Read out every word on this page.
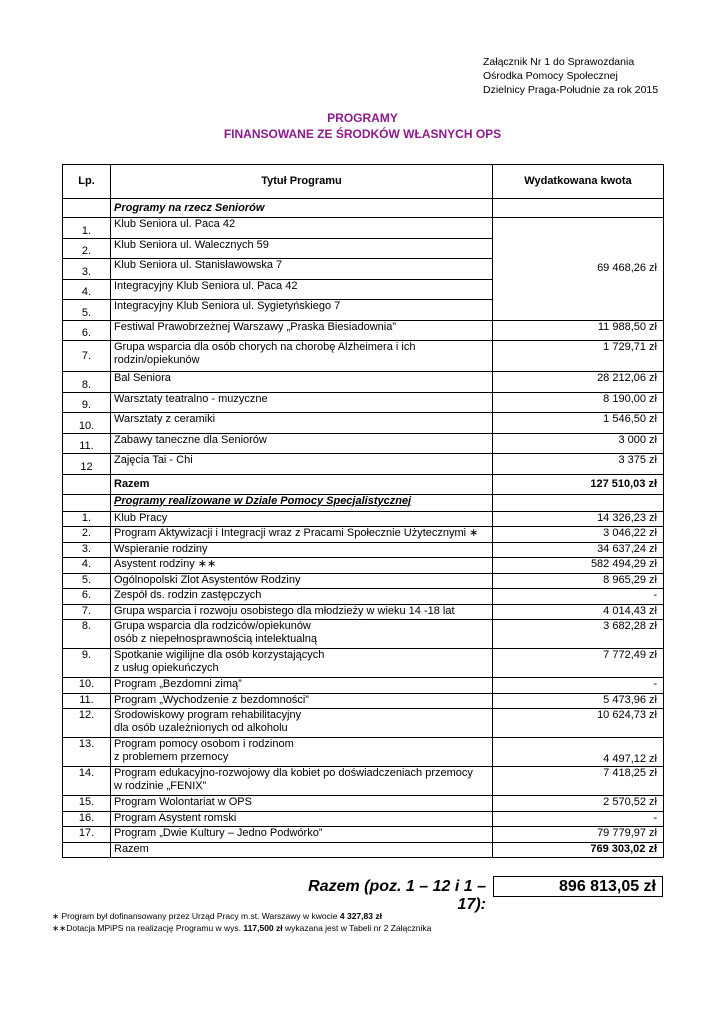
Załącznik Nr 1 do Sprawozdania
Ośrodka Pomocy Społecznej
Dzielnicy Praga-Południe za rok 2015
PROGRAMY
FINANSOWANE ZE ŚRODKÓW WŁASNYCH OPS
Lp.	Tytuł Programu	Wydatkowana kwota
	Programy na rzecz Seniorów	
1.	Klub Seniora ul. Paca 42	69 468,26 zł
2.	Klub Seniora ul. Walecznych 59	
3.	Klub Seniora ul. Stanisławowska 7	
4.	Integracyjny Klub Seniora ul. Paca 42	
5.	Integracyjny Klub Seniora ul. Sygietyńskiego 7	
6.	Festiwal Prawobrzeżnej Warszawy „Praska Biesiadownia”	11 988,50 zł
7.	Grupa wsparcia dla osób chorych na chorobę Alzheimera i ich rodzin/opiekunów	1 729,71 zł
8.	Bal Seniora	28 212,06 zł
9.	Warsztaty teatralno - muzyczne	8 190,00 zł
10.	Warsztaty z ceramiki	1 546,50 zł
11.	Zabawy taneczne dla Seniorów	3 000 zł
12	Zajęcia Tai - Chi	3 375 zł
	Razem	127 510,03 zł
	Programy realizowane w Dziale Pomocy Specjalistycznej	
1.	Klub Pracy	14 326,23 zł
2.	Program Aktywizacji i Integracji wraz z Pracami Społecznie Użytecznymi ∗	3 046,22 zł
3.	Wspieranie rodziny	34 637,24 zł
4.	Asystent rodziny ∗∗	582 494,29 zł
5.	Ogólnopolski Zlot Asystentów Rodziny	8 965,29 zł
6.	Zespół ds. rodzin zastępczych	-
7.	Grupa wsparcia i rozwoju osobistego dla młodzieży w wieku 14 -18 lat	4 014,43 zł
8.	Grupa wsparcia dla rodziców/opiekunów
osób z niepełnosprawnością intelektualną	3 682,28 zł
9.	Spotkanie wigilijne dla osób korzystających
z usług opiekuńczych	7 772,49 zł
10.	Program „Bezdomni zimą”	-
11.	Program „Wychodzenie z bezdomności”	5 473,96 zł
12.	Środowiskowy program rehabilitacyjny
dla osób uzależnionych od alkoholu	10 624,73 zł
13.	Program pomocy osobom i rodzinom
z problemem przemocy	4 497,12 zł
14.	Program edukacyjno-rozwojowy dla kobiet po doświadczeniach przemocy
w rodzinie „FENIX”	7 418,25 zł
15.	Program Wolontariat w OPS	2 570,52 zł
16.	Program Asystent romski	-
17.	Program „Dwie Kultury – Jedno Podwórko”	79 779,97 zł
	Razem	769 303,02 zł
Razem (poz. 1 – 12 i 1 – 17):
896 813,05 zł
∗ Program był dofinansowany przez Urząd Pracy m.st. Warszawy w kwocie 4 327,83 zł
∗∗Dotacja MPiPS na realizację Programu w wys. 117,500 zł wykazana jest w Tabeli nr 2 Załącznika
